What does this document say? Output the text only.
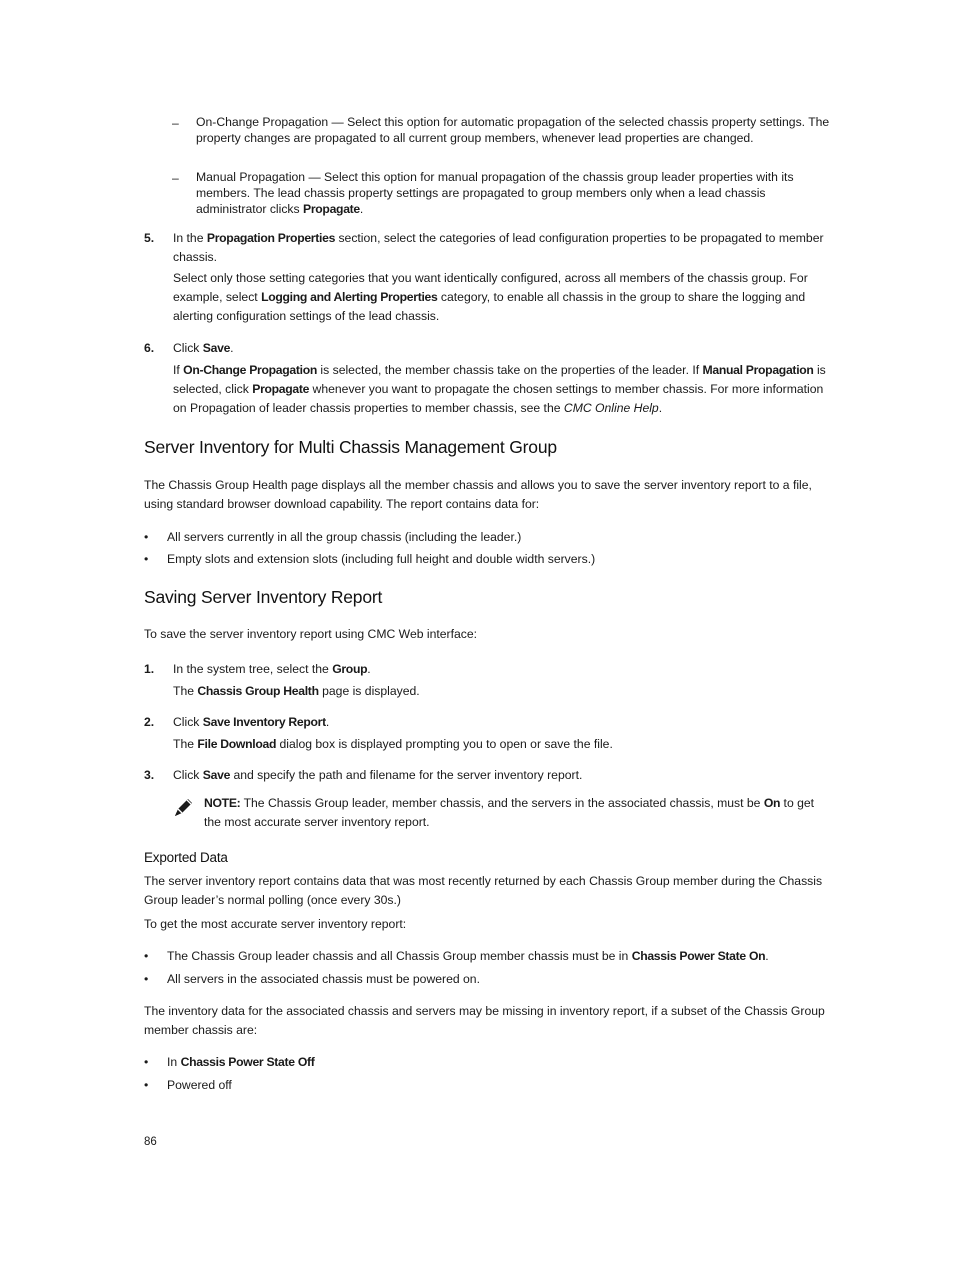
– On-Change Propagation — Select this option for automatic propagation of the selected chassis property settings. The property changes are propagated to all current group members, whenever lead properties are changed.
– Manual Propagation — Select this option for manual propagation of the chassis group leader properties with its members. The lead chassis property settings are propagated to group members only when a lead chassis administrator clicks Propagate.
5. In the Propagation Properties section, select the categories of lead configuration properties to be propagated to member chassis.

Select only those setting categories that you want identically configured, across all members of the chassis group. For example, select Logging and Alerting Properties category, to enable all chassis in the group to share the logging and alerting configuration settings of the lead chassis.

6. Click Save.

If On-Change Propagation is selected, the member chassis take on the properties of the leader. If Manual Propagation is selected, click Propagate whenever you want to propagate the chosen settings to member chassis. For more information on Propagation of leader chassis properties to member chassis, see the CMC Online Help.

Server Inventory for Multi Chassis Management Group

The Chassis Group Health page displays all the member chassis and allows you to save the server inventory report to a file, using standard browser download capability. The report contains data for:

• All servers currently in all the group chassis (including the leader.)
• Empty slots and extension slots (including full height and double width servers.)
Saving Server Inventory Report

To save the server inventory report using CMC Web interface:

1. In the system tree, select the Group.

The Chassis Group Health page is displayed.

2. Click Save Inventory Report.

The File Download dialog box is displayed prompting you to open or save the file.

3. Click Save and specify the path and filename for the server inventory report.

NOTE: The Chassis Group leader, member chassis, and the servers in the associated chassis, must be On to get the most accurate server inventory report.

Exported Data

The server inventory report contains data that was most recently returned by each Chassis Group member during the Chassis Group leader’s normal polling (once every 30s.)

To get the most accurate server inventory report:

• The Chassis Group leader chassis and all Chassis Group member chassis must be in Chassis Power State On.
• All servers in the associated chassis must be powered on.

The inventory data for the associated chassis and servers may be missing in inventory report, if a subset of the Chassis Group member chassis are:

• In Chassis Power State Off
• Powered off
86
